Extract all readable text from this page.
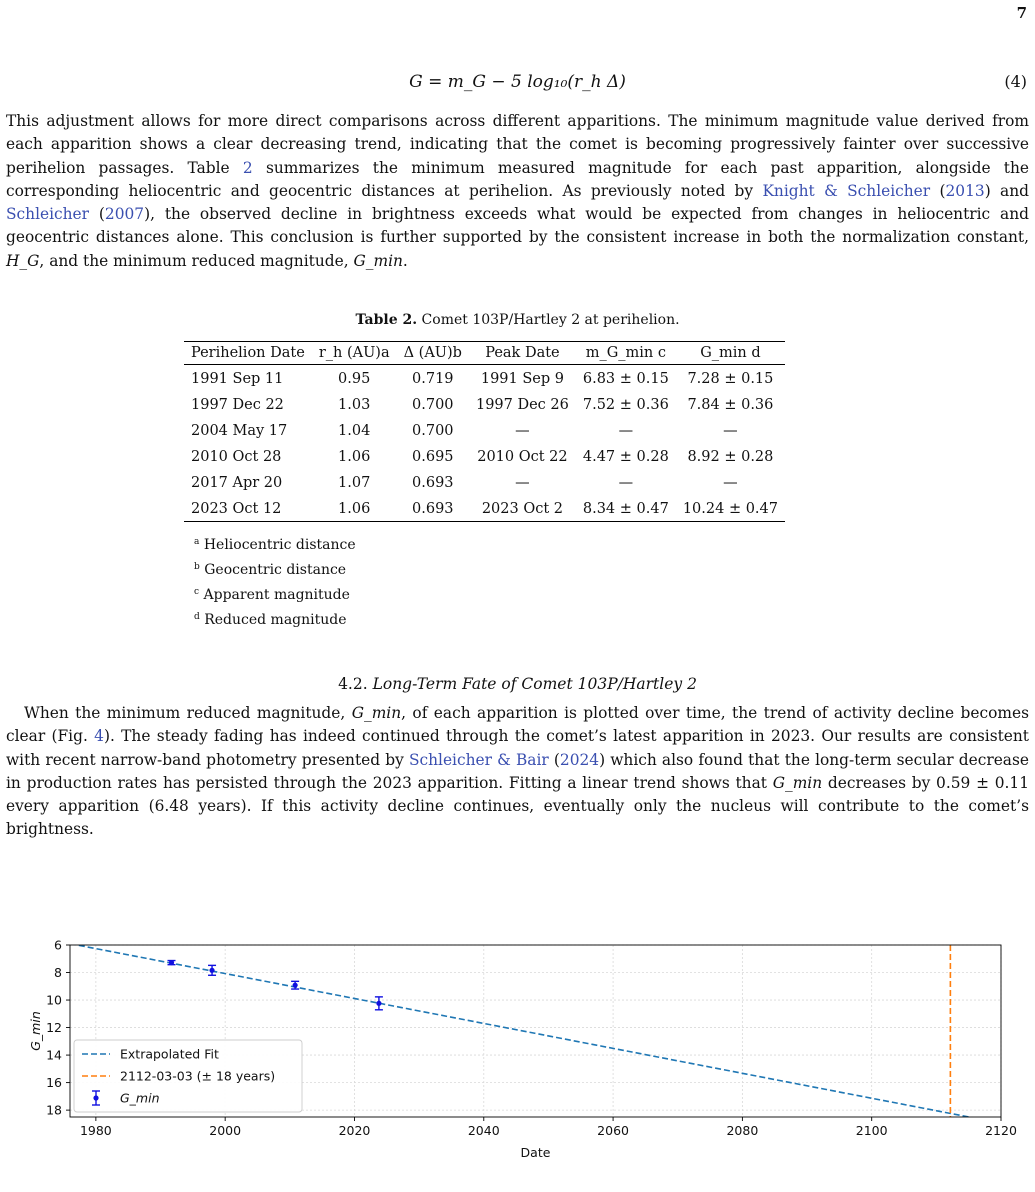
7
G = m_G − 5 log₁₀(r_h Δ)	(4)
This adjustment allows for more direct comparisons across different apparitions. The minimum magnitude value derived from each apparition shows a clear decreasing trend, indicating that the comet is becoming progressively fainter over successive perihelion passages. Table 2 summarizes the minimum measured magnitude for each past apparition, alongside the corresponding heliocentric and geocentric distances at perihelion. As previously noted by Knight & Schleicher (2013) and Schleicher (2007), the observed decline in brightness exceeds what would be expected from changes in heliocentric and geocentric distances alone. This conclusion is further supported by the consistent increase in both the normalization constant, H_G, and the minimum reduced magnitude, G_min.
Table 2. Comet 103P/Hartley 2 at perihelion.
Perihelion Date	r_h (AU)a	Δ (AU)b	Peak Date	m_G_min c	G_min d
1991 Sep 11	0.95	0.719	1991 Sep 9	6.83 ± 0.15	7.28 ± 0.15
1997 Dec 22	1.03	0.700	1997 Dec 26	7.52 ± 0.36	7.84 ± 0.36
2004 May 17	1.04	0.700	—	—	—
2010 Oct 28	1.06	0.695	2010 Oct 22	4.47 ± 0.28	8.92 ± 0.28
2017 Apr 20	1.07	0.693	—	—	—
2023 Oct 12	1.06	0.693	2023 Oct 2	8.34 ± 0.47	10.24 ± 0.47
$^a$ Heliocentric distance
$^b$ Geocentric distance
$^c$ Apparent magnitude
$^d$ Reduced magnitude
4.2. Long-Term Fate of Comet 103P/Hartley 2
When the minimum reduced magnitude, G_min, of each apparition is plotted over time, the trend of activity decline becomes clear (Fig. 4). The steady fading has indeed continued through the comet’s latest apparition in 2023. Our results are consistent with recent narrow-band photometry presented by Schleicher & Bair (2024) which also found that the long-term secular decrease in production rates has persisted through the 2023 apparition. Fitting a linear trend shows that G_min decreases by 0.59 ± 0.11 every apparition (6.48 years). If this activity decline continues, eventually only the nucleus will contribute to the comet’s brightness.
1980	2000	2020	2040	2060	2080	2100	2120
6
8
10
12
14
16
18
Date
G_min
Extrapolated Fit
2112-03-03 (± 18 years)
G_min
